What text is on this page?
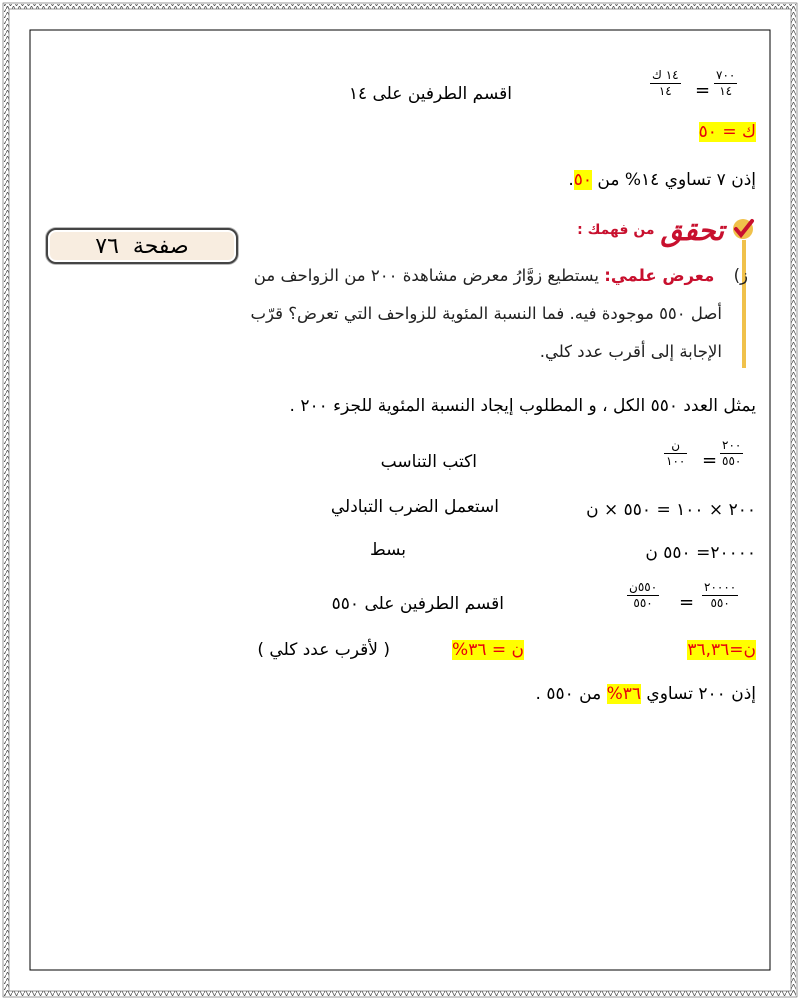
٧٠٠
١٤
=
١٤ ك
١٤
اقسم الطرفين على ١٤
ك = ٥٠
إذن ٧ تساوي ١٤% من ٥٠.
تحقق
من فهمك :
صفحة

٧٦
ز) معرض علمي: يستطيع زوَّارُ معرض مشاهدة ٢٠٠ من الزواحف من
أصل ٥٥٠ موجودة فيه. فما النسبة المئوية للزواحف التي تعرض؟ قرّب
الإجابة إلى أقرب عدد كلي.
يمثل العدد ٥٥٠ الكل ، و المطلوب إيجاد النسبة المئوية للجزء ٢٠٠ .
٢٠٠
٥٥٠
=
ن
١٠٠
اكتب التناسب
٢٠٠ × ١٠٠ = ٥٥٠ × ن
استعمل الضرب التبادلي
٢٠٠٠٠= ٥٥٠ ن
بسط
٢٠٠٠٠
٥٥٠
=
٥٥٠ن
٥٥٠
اقسم الطرفين على ٥٥٠
ن=٣٦,٣٦
ن = ٣٦%
( لأقرب عدد كلي )
إذن ٢٠٠ تساوي ٣٦% من ٥٥٠ .
